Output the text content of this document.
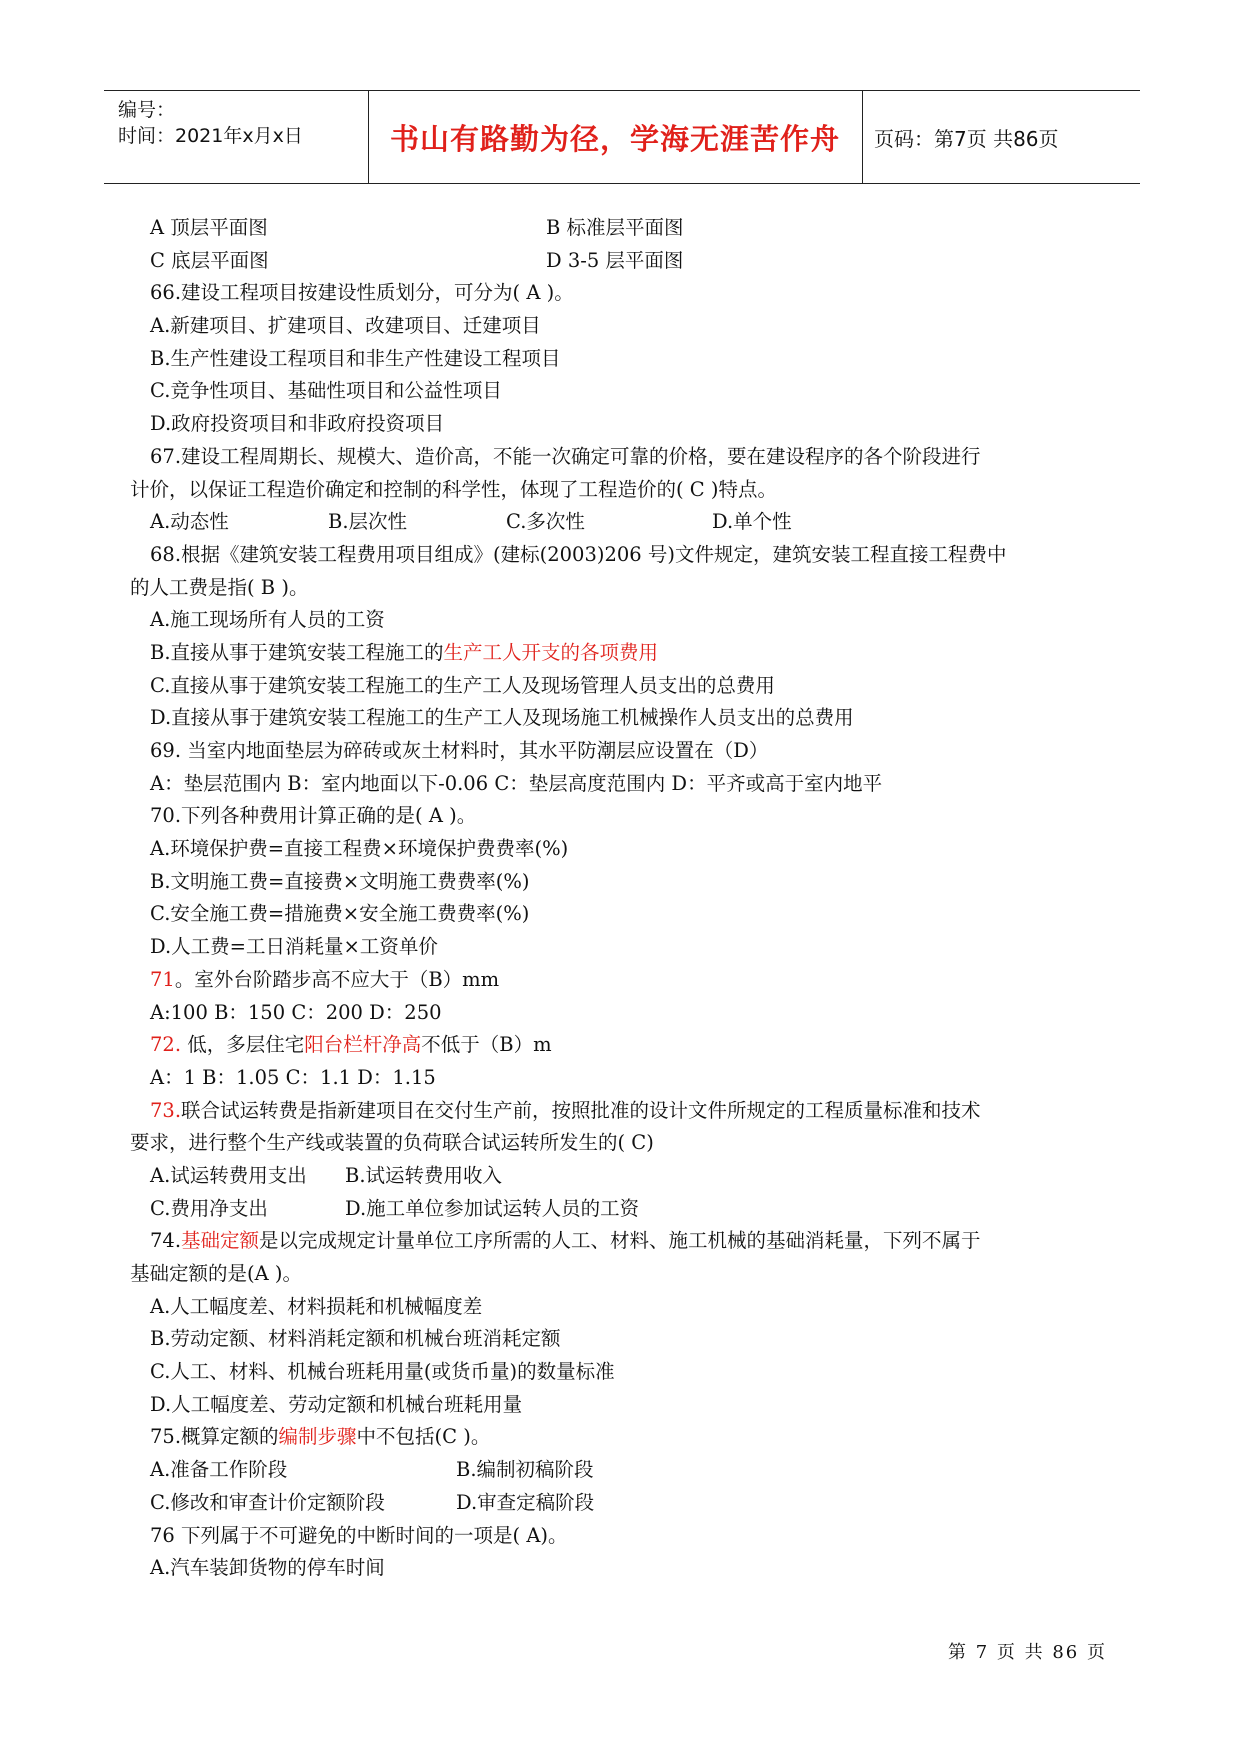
编号：
时间：2021年x月x日	书山有路勤为径，学海无涯苦作舟	页码：第7页 共86页
A 顶层平面图	B 标准层平面图
C 底层平面图	D 3-5 层平面图
66.建设工程项目按建设性质划分，可分为( A )。
A.新建项目、扩建项目、改建项目、迁建项目
B.生产性建设工程项目和非生产性建设工程项目
C.竞争性项目、基础性项目和公益性项目
D.政府投资项目和非政府投资项目
67.建设工程周期长、规模大、造价高，不能一次确定可靠的价格，要在建设程序的各个阶段进行
计价，以保证工程造价确定和控制的科学性，体现了工程造价的( C )特点。
A.动态性	B.层次性	C.多次性	D.单个性
68.根据《建筑安装工程费用项目组成》(建标(2003)206 号)文件规定，建筑安装工程直接工程费中
的人工费是指( B )。
A.施工现场所有人员的工资
B.直接从事于建筑安装工程施工的生产工人开支的各项费用
C.直接从事于建筑安装工程施工的生产工人及现场管理人员支出的总费用
D.直接从事于建筑安装工程施工的生产工人及现场施工机械操作人员支出的总费用
69. 当室内地面垫层为碎砖或灰土材料时，其水平防潮层应设置在（D）
A：垫层范围内 B：室内地面以下-0.06 C：垫层高度范围内 D：平齐或高于室内地平
70.下列各种费用计算正确的是( A )。
A.环境保护费=直接工程费×环境保护费费率(%)
B.文明施工费=直接费×文明施工费费率(%)
C.安全施工费=措施费×安全施工费费率(%)
D.人工费=工日消耗量×工资单价
71。室外台阶踏步高不应大于（B）mm
A:100 B：150 C：200 D：250
72. 低，多层住宅阳台栏杆净高不低于（B）m
A：1 B：1.05 C：1.1 D：1.15
73.联合试运转费是指新建项目在交付生产前，按照批准的设计文件所规定的工程质量标准和技术
要求，进行整个生产线或装置的负荷联合试运转所发生的( C)
A.试运转费用支出 B.试运转费用收入
C.费用净支出	D.施工单位参加试运转人员的工资
74.基础定额是以完成规定计量单位工序所需的人工、材料、施工机械的基础消耗量，下列不属于
基础定额的是(A )。
A.人工幅度差、材料损耗和机械幅度差
B.劳动定额、材料消耗定额和机械台班消耗定额
C.人工、材料、机械台班耗用量(或货币量)的数量标准
D.人工幅度差、劳动定额和机械台班耗用量
75.概算定额的编制步骤中不包括(C )。
A.准备工作阶段	B.编制初稿阶段
C.修改和审查计价定额阶段	D.审查定稿阶段
76 下列属于不可避免的中断时间的一项是( A)。
A.汽车装卸货物的停车时间
第 7 页 共 86 页
